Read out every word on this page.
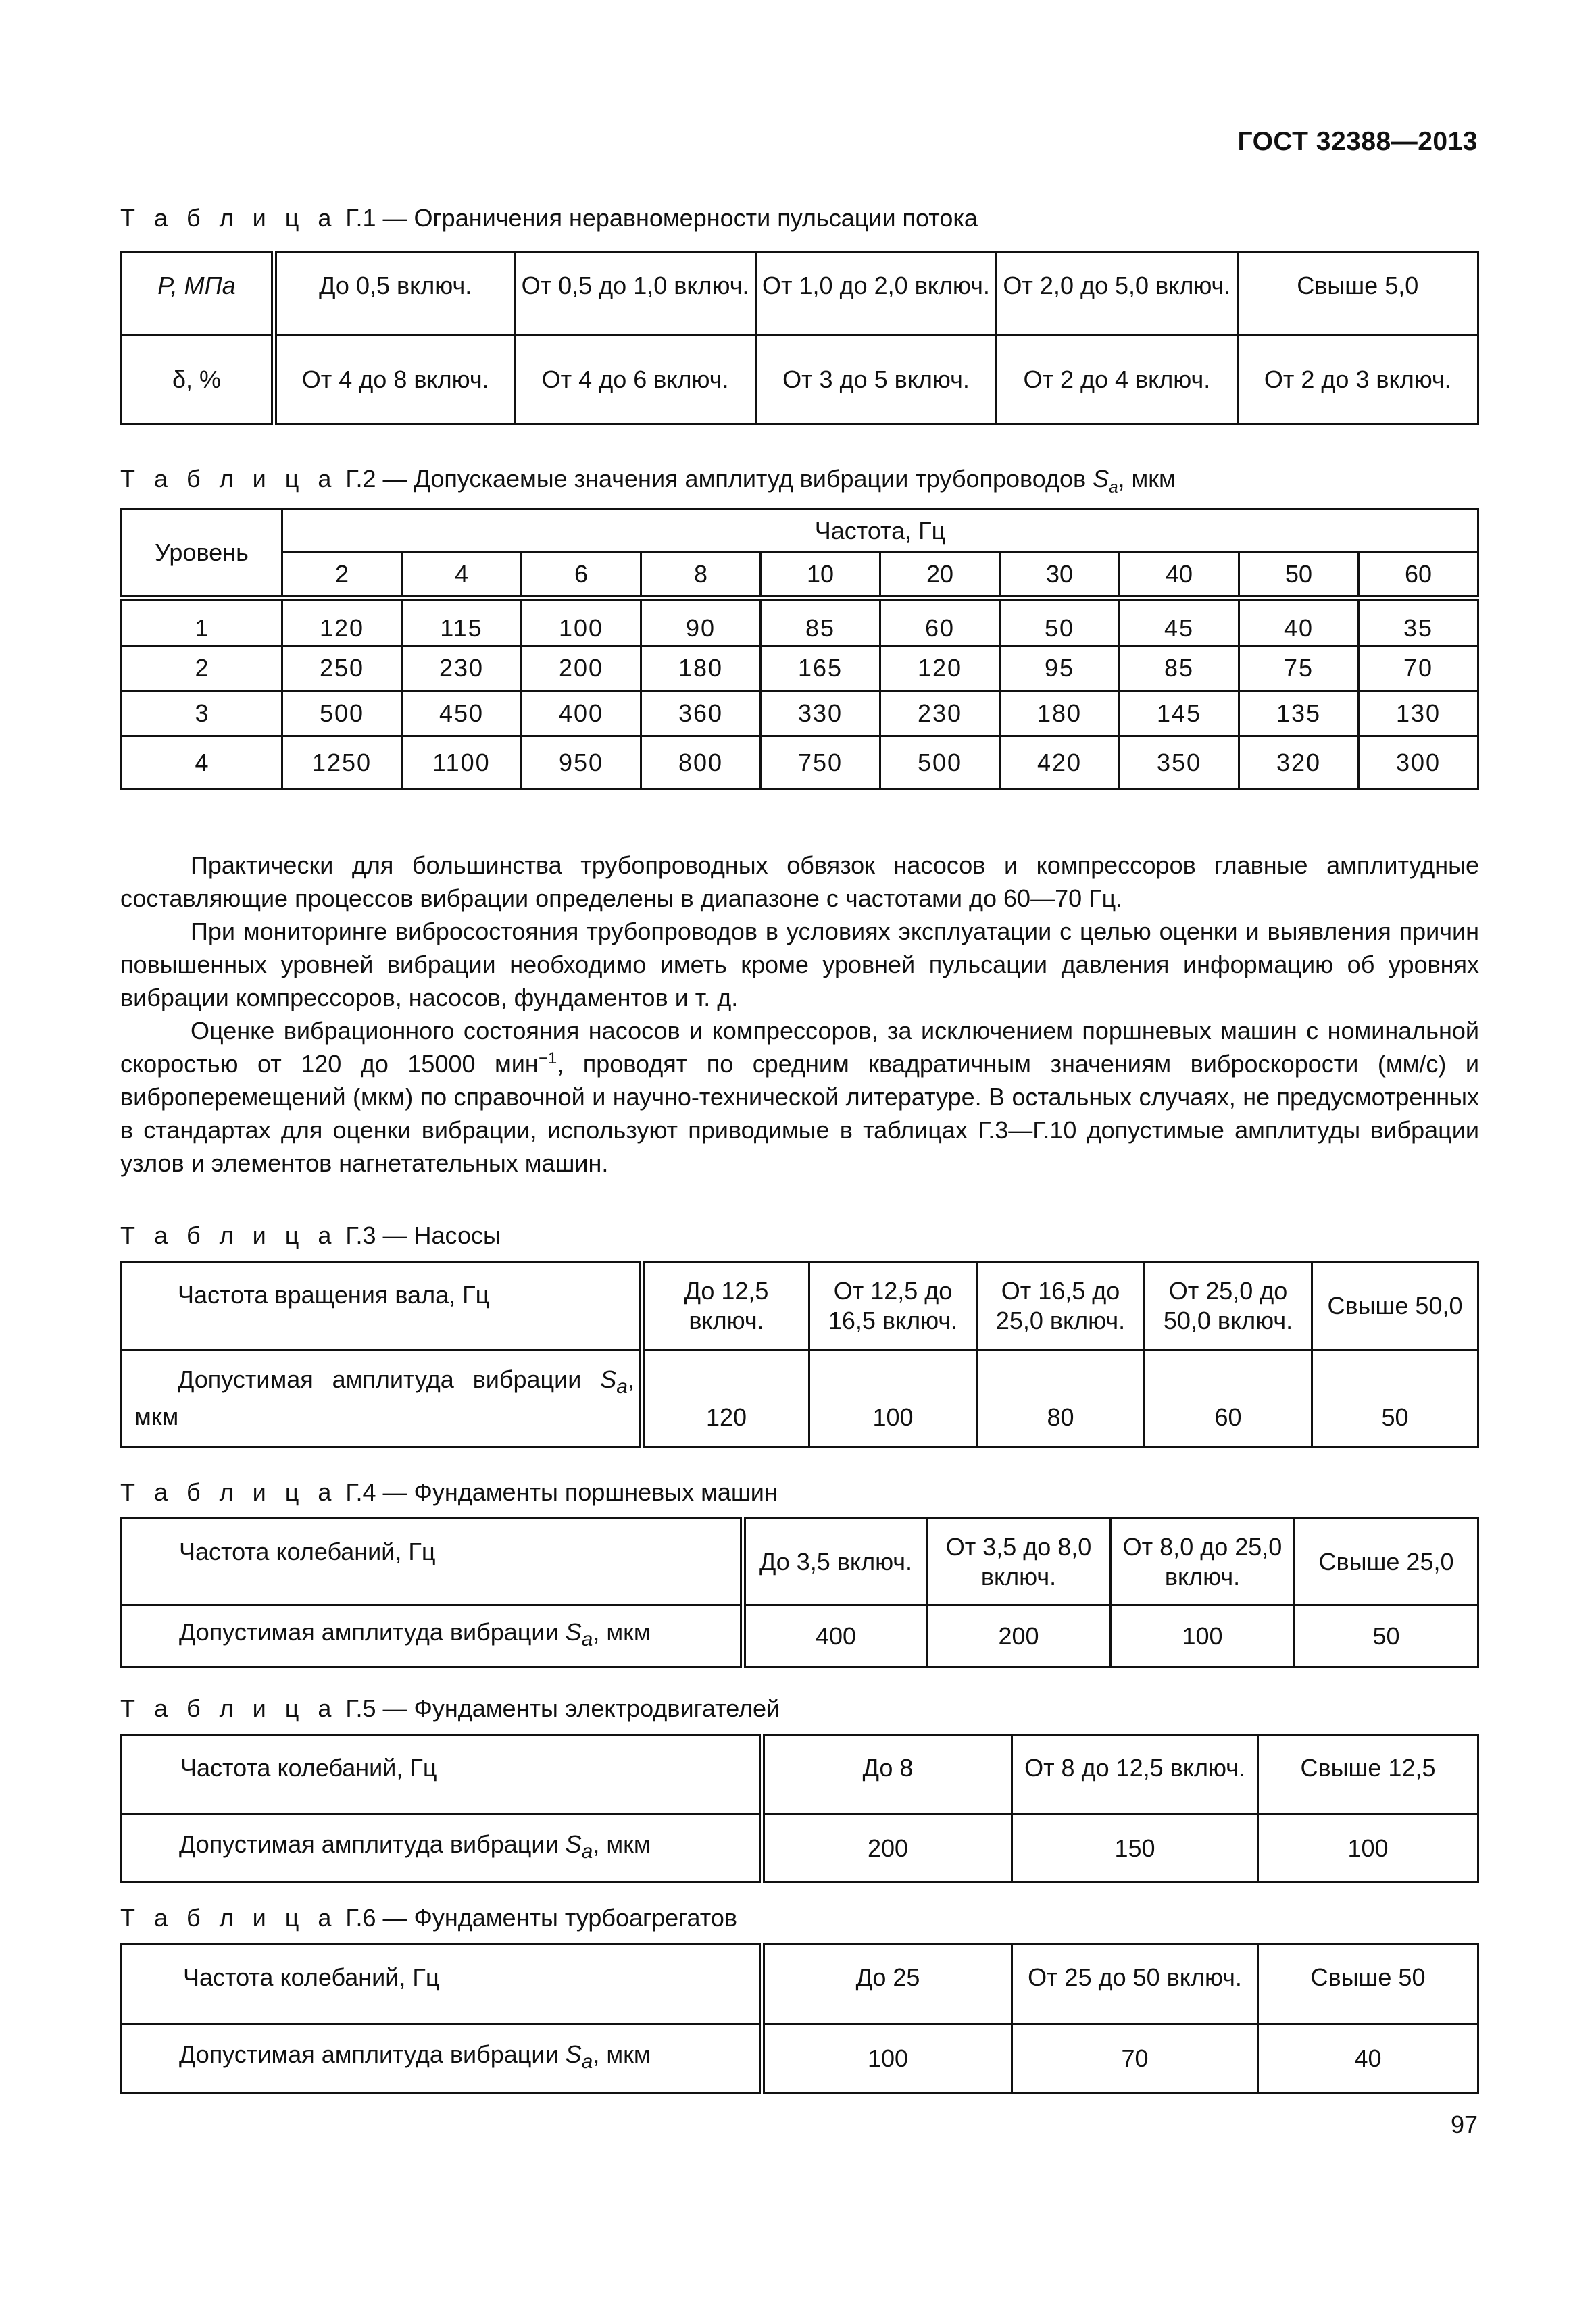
ГОСТ 32388—2013
Т а б л и ц а Г.1 — Ограничения неравномерности пульсации потока
P, МПа	До 0,5 включ.	От 0,5 до 1,0 включ.	От 1,0 до 2,0 включ.	От 2,0 до 5,0 включ.	Свыше 5,0
δ, %	От 4 до 8 включ.	От 4 до 6 включ.	От 3 до 5 включ.	От 2 до 4 включ.	От 2 до 3 включ.
Т а б л и ц а Г.2 — Допускаемые значения амплитуд вибрации трубопроводов $S_a$, мкм
Уровень	Частота, Гц									
	2	4	6	8	10	20	30	40	50	60
1	120	115	100	90	85	60	50	45	40	35
2	250	230	200	180	165	120	95	85	75	70
3	500	450	400	360	330	230	180	145	135	130
4	1250	1100	950	800	750	500	420	350	320	300

Практически для большинства трубопроводных обвязок насосов и компрессоров главные амплитудные составляющие процессов вибрации определены в диапазоне с частотами до 60—70 Гц.

При мониторинге вибросостояния трубопроводов в условиях эксплуатации с целью оценки и выявления причин повышенных уровней вибрации необходимо иметь кроме уровней пульсации давления информацию об уровнях вибрации компрессоров, насосов, фундаментов и т. д.

Оценке вибрационного состояния насосов и компрессоров, за исключением поршневых машин с номинальной скоростью от 120 до 15000 мин$^{-1}$, проводят по средним квадратичным значениям виброскорости (мм/с) и виброперемещений (мкм) по справочной и научно-технической литературе. В остальных случаях, не предусмотренных в стандартах для оценки вибрации, используют приводимые в таблицах Г.3—Г.10 допустимые амплитуды вибрации узлов и элементов нагнетательных машин.

Т а б л и ц а Г.3 — Насосы
Частота вращения вала, Гц	До 12,5 включ.	От 12,5 до 16,5 включ.	От 16,5 до 25,0 включ.	От 25,0 до 50,0 включ.	Свыше 50,0
Допустимая амплитуда вибрации $S_a$, мкм	120	100	80	60	50
Т а б л и ц а Г.4 — Фундаменты поршневых машин
Частота колебаний, Гц	До 3,5 включ.	От 3,5 до 8,0 включ.	От 8,0 до 25,0 включ.	Свыше 25,0
Допустимая амплитуда вибрации $S_a$, мкм	400	200	100	50
Т а б л и ц а Г.5 — Фундаменты электродвигателей
Частота колебаний, Гц	До 8	От 8 до 12,5 включ.	Свыше 12,5
Допустимая амплитуда вибрации $S_a$, мкм	200	150	100
Т а б л и ц а Г.6 — Фундаменты турбоагрегатов
Частота колебаний, Гц	До 25	От 25 до 50 включ.	Свыше 50
Допустимая амплитуда вибрации $S_a$, мкм	100	70	40
97
